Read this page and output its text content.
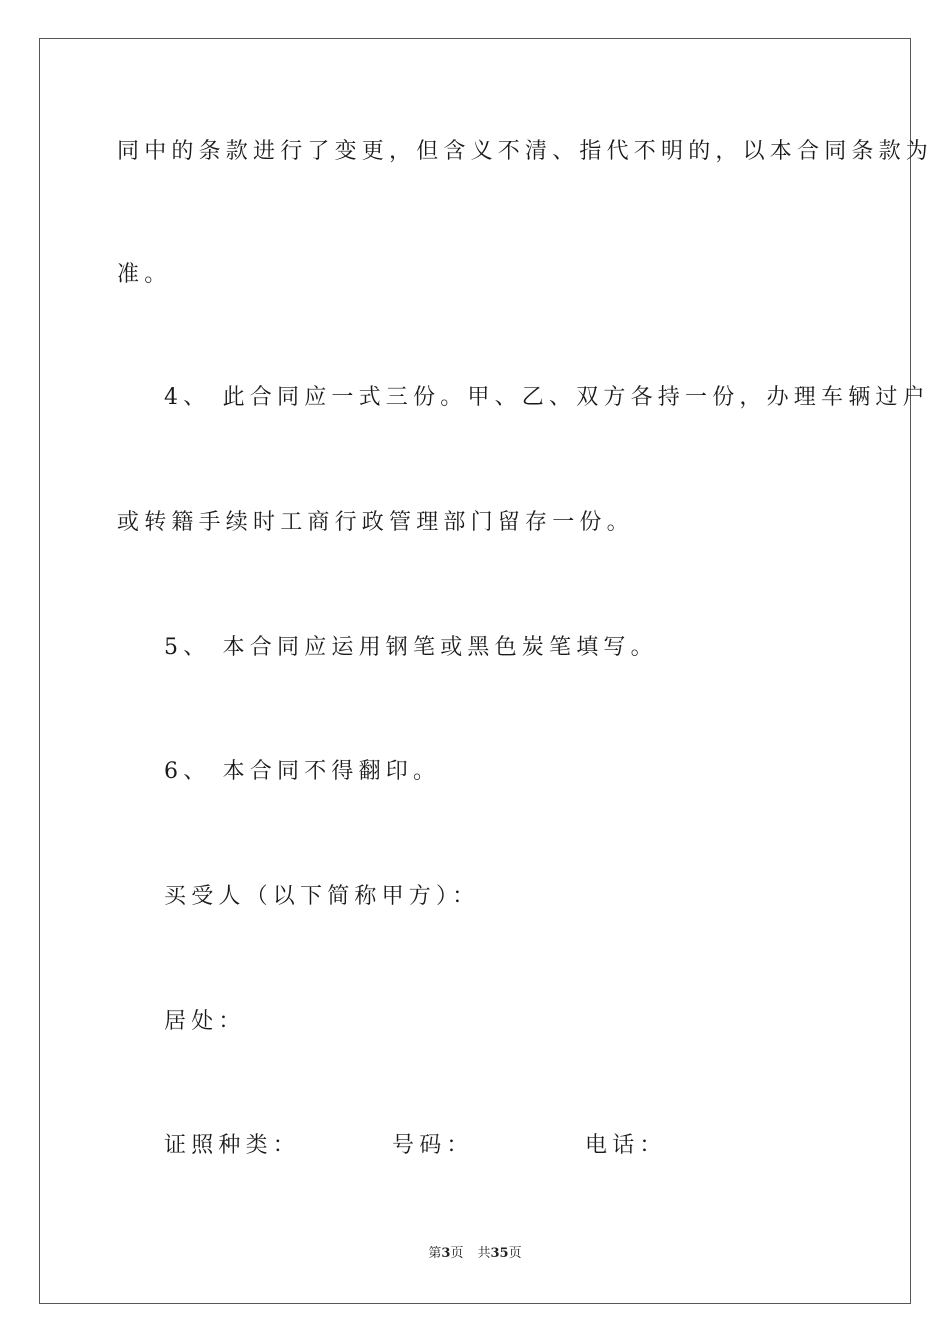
同中的条款进行了变更，但含义不清、指代不明的，以本合同条款为
准。
4、 此合同应一式三份。甲、乙、双方各持一份，办理车辆过户
或转籍手续时工商行政管理部门留存一份。
5、 本合同应运用钢笔或黑色炭笔填写。
6、 本合同不得翻印。
买受人（以下简称甲方）：
居处：
证照种类：	号码：	电话：
第3页 共35页
